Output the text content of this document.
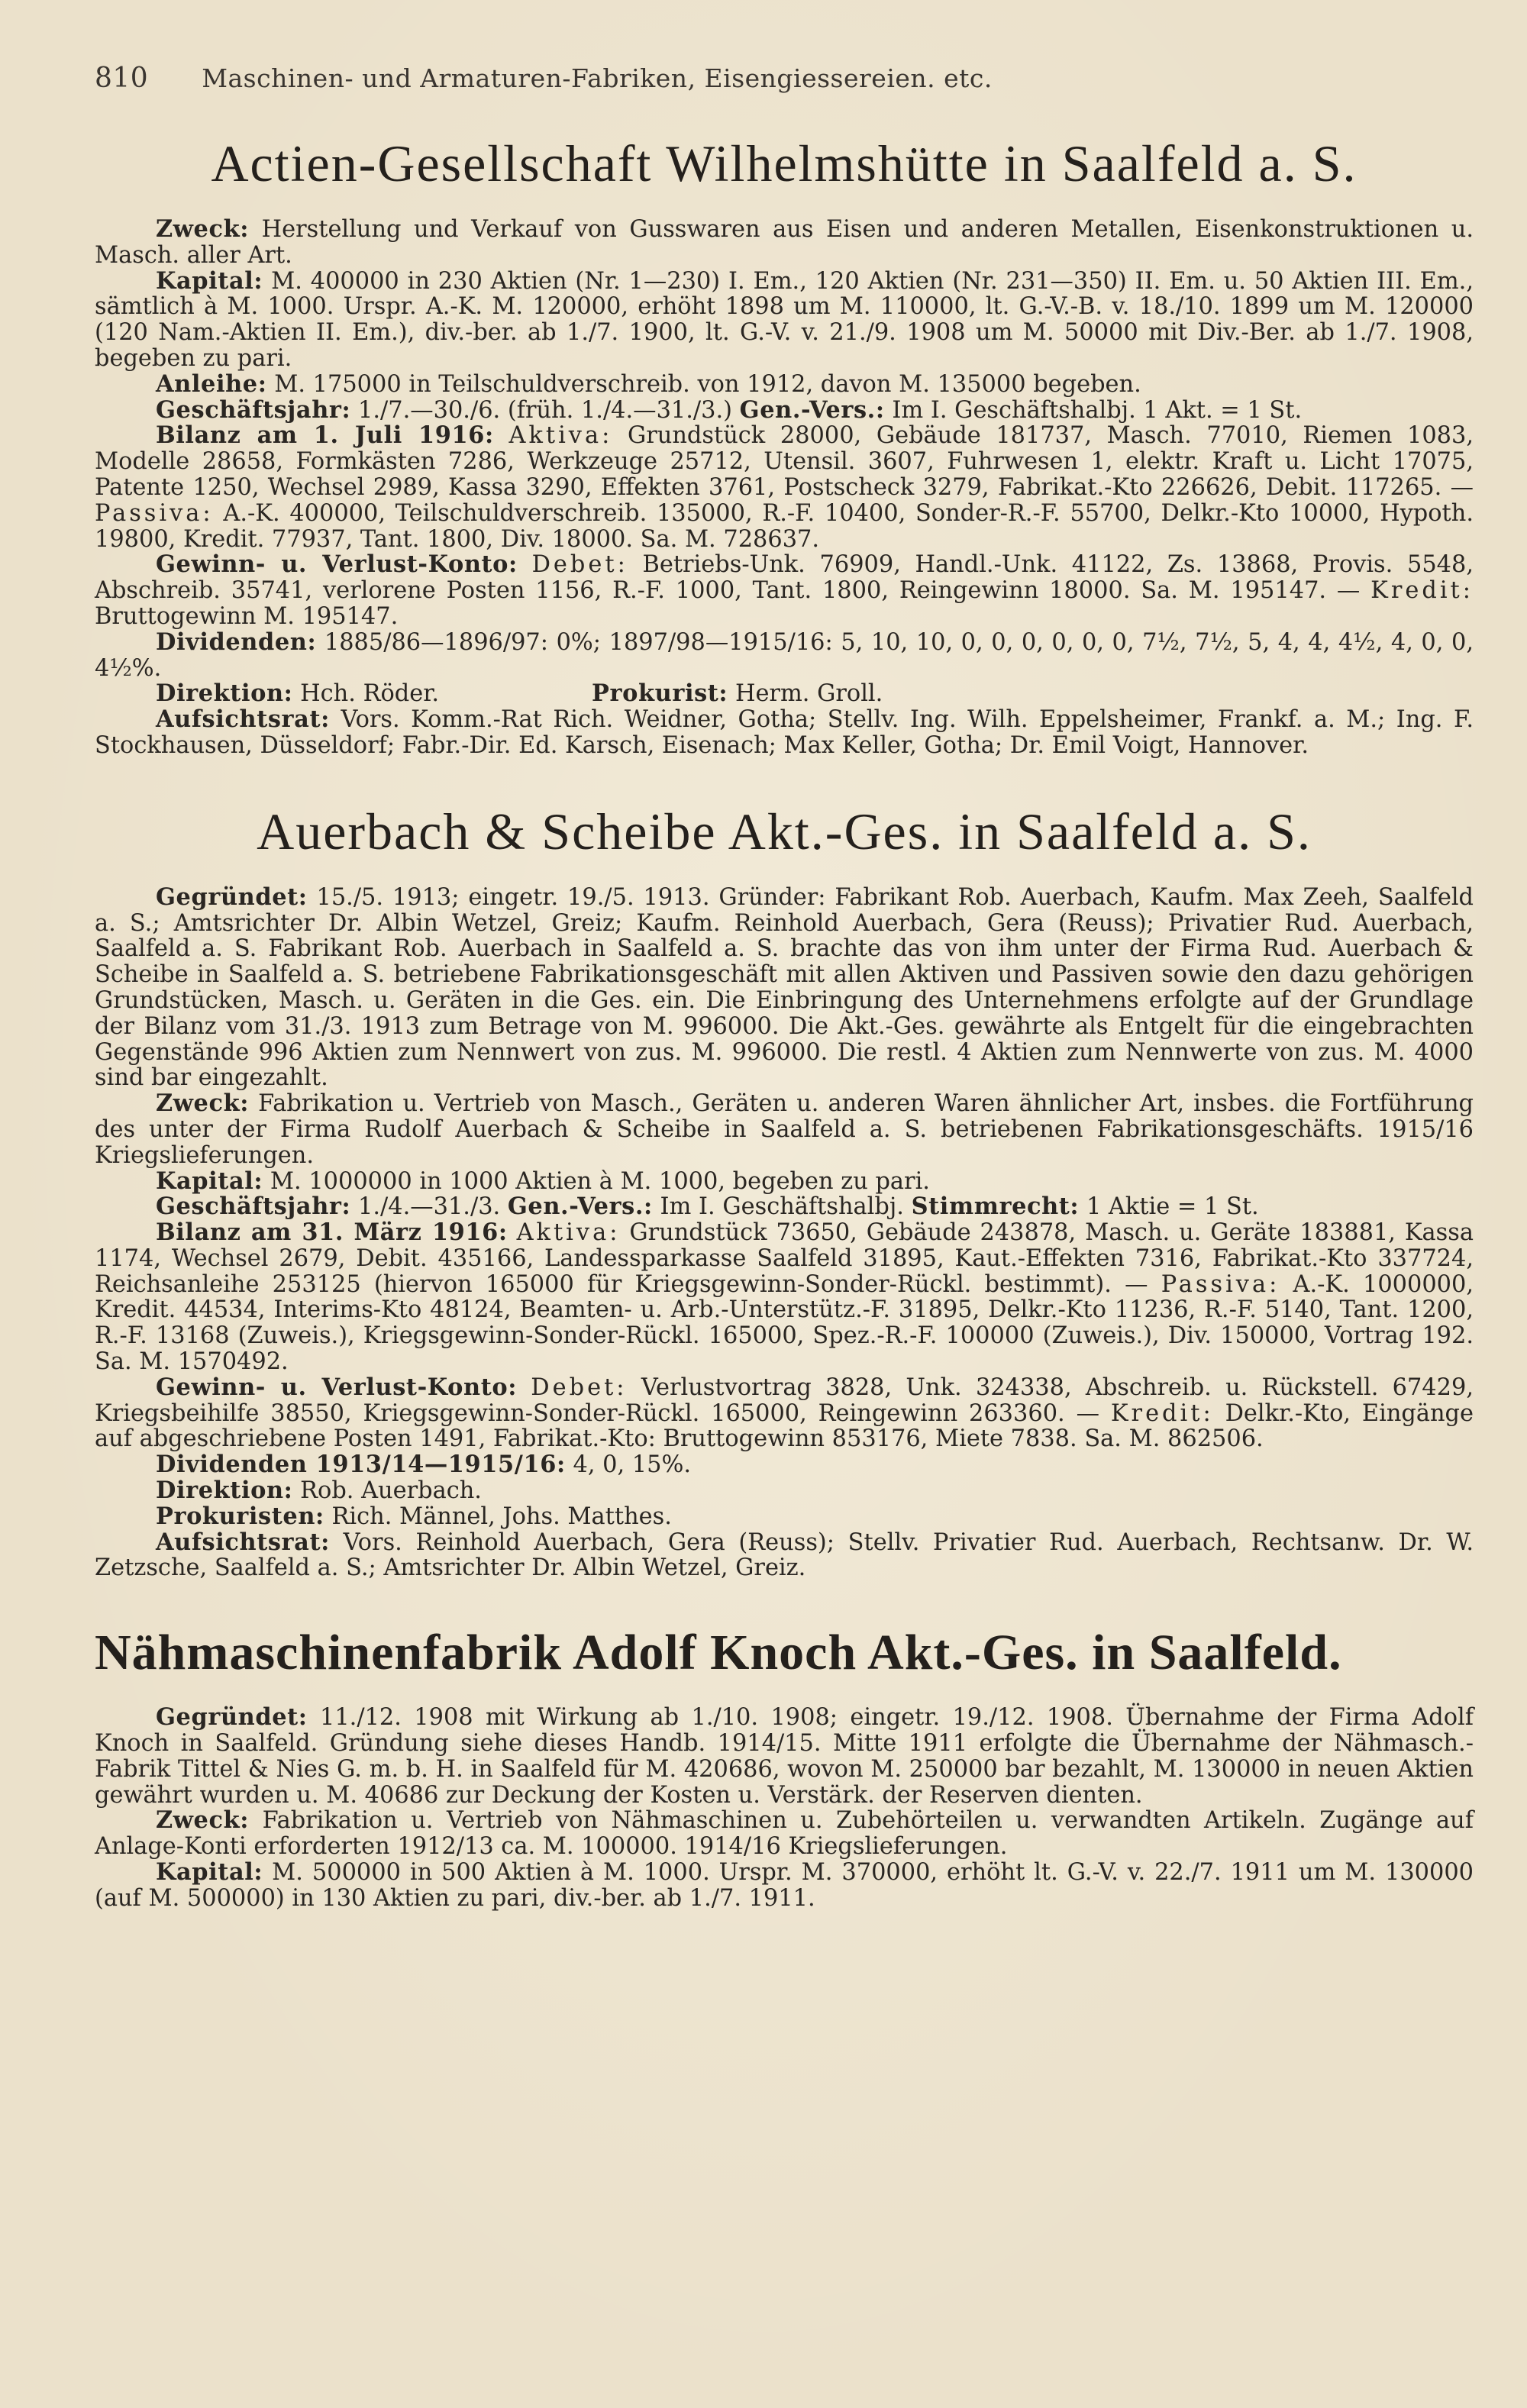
810 Maschinen- und Armaturen-Fabriken, Eisengiessereien. etc.
Actien-Gesellschaft Wilhelmshütte in Saalfeld a. S.

Zweck: Herstellung und Verkauf von Gusswaren aus Eisen und anderen Metallen, Eisenkonstruktionen u. Masch. aller Art.

Kapital: M. 400000 in 230 Aktien (Nr. 1—230) I. Em., 120 Aktien (Nr. 231—350) II. Em. u. 50 Aktien III. Em., sämtlich à M. 1000. Urspr. A.-K. M. 120000, erhöht 1898 um M. 110000, lt. G.-V.-B. v. 18./10. 1899 um M. 120000 (120 Nam.-Aktien II. Em.), div.-ber. ab 1./7. 1900, lt. G.-V. v. 21./9. 1908 um M. 50000 mit Div.-Ber. ab 1./7. 1908, begeben zu pari.

Anleihe: M. 175000 in Teilschuldverschreib. von 1912, davon M. 135000 begeben.

Geschäftsjahr: 1./7.—30./6. (früh. 1./4.—31./3.) Gen.-Vers.: Im I. Geschäftshalbj. 1 Akt. = 1 St.

Bilanz am 1. Juli 1916: Aktiva: Grundstück 28000, Gebäude 181737, Masch. 77010, Riemen 1083, Modelle 28658, Formkästen 7286, Werkzeuge 25712, Utensil. 3607, Fuhrwesen 1, elektr. Kraft u. Licht 17075, Patente 1250, Wechsel 2989, Kassa 3290, Effekten 3761, Postscheck 3279, Fabrikat.-Kto 226626, Debit. 117265. — Passiva: A.-K. 400000, Teilschuldverschreib. 135000, R.-F. 10400, Sonder-R.-F. 55700, Delkr.-Kto 10000, Hypoth. 19800, Kredit. 77937, Tant. 1800, Div. 18000. Sa. M. 728637.

Gewinn- u. Verlust-Konto: Debet: Betriebs-Unk. 76909, Handl.-Unk. 41122, Zs. 13868, Provis. 5548, Abschreib. 35741, verlorene Posten 1156, R.-F. 1000, Tant. 1800, Reingewinn 18000. Sa. M. 195147. — Kredit: Bruttogewinn M. 195147.

Dividenden: 1885/86—1896/97: 0%; 1897/98—1915/16: 5, 10, 10, 0, 0, 0, 0, 0, 0, 7½, 7½, 5, 4, 4, 4½, 4, 0, 0, 4½%.

Direktion: Hch. Röder.	Prokurist: Herm. Groll.

Aufsichtsrat: Vors. Komm.-Rat Rich. Weidner, Gotha; Stellv. Ing. Wilh. Eppelsheimer, Frankf. a. M.; Ing. F. Stockhausen, Düsseldorf; Fabr.-Dir. Ed. Karsch, Eisenach; Max Keller, Gotha; Dr. Emil Voigt, Hannover.

Auerbach & Scheibe Akt.-Ges. in Saalfeld a. S.

Gegründet: 15./5. 1913; eingetr. 19./5. 1913. Gründer: Fabrikant Rob. Auerbach, Kaufm. Max Zeeh, Saalfeld a. S.; Amtsrichter Dr. Albin Wetzel, Greiz; Kaufm. Reinhold Auerbach, Gera (Reuss); Privatier Rud. Auerbach, Saalfeld a. S. Fabrikant Rob. Auerbach in Saalfeld a. S. brachte das von ihm unter der Firma Rud. Auerbach & Scheibe in Saalfeld a. S. betriebene Fabrikationsgeschäft mit allen Aktiven und Passiven sowie den dazu gehörigen Grundstücken, Masch. u. Geräten in die Ges. ein. Die Einbringung des Unternehmens erfolgte auf der Grundlage der Bilanz vom 31./3. 1913 zum Betrage von M. 996000. Die Akt.-Ges. gewährte als Entgelt für die eingebrachten Gegenstände 996 Aktien zum Nennwert von zus. M. 996000. Die restl. 4 Aktien zum Nennwerte von zus. M. 4000 sind bar eingezahlt.

Zweck: Fabrikation u. Vertrieb von Masch., Geräten u. anderen Waren ähnlicher Art, insbes. die Fortführung des unter der Firma Rudolf Auerbach & Scheibe in Saalfeld a. S. betriebenen Fabrikationsgeschäfts. 1915/16 Kriegslieferungen.

Kapital: M. 1000000 in 1000 Aktien à M. 1000, begeben zu pari.

Geschäftsjahr: 1./4.—31./3. Gen.-Vers.: Im I. Geschäftshalbj. Stimmrecht: 1 Aktie = 1 St.

Bilanz am 31. März 1916: Aktiva: Grundstück 73650, Gebäude 243878, Masch. u. Geräte 183881, Kassa 1174, Wechsel 2679, Debit. 435166, Landessparkasse Saalfeld 31895, Kaut.-Effekten 7316, Fabrikat.-Kto 337724, Reichsanleihe 253125 (hiervon 165000 für Kriegsgewinn-Sonder-Rückl. bestimmt). — Passiva: A.-K. 1000000, Kredit. 44534, Interims-Kto 48124, Beamten- u. Arb.-Unterstütz.-F. 31895, Delkr.-Kto 11236, R.-F. 5140, Tant. 1200, R.-F. 13168 (Zuweis.), Kriegsgewinn-Sonder-Rückl. 165000, Spez.-R.-F. 100000 (Zuweis.), Div. 150000, Vortrag 192. Sa. M. 1570492.

Gewinn- u. Verlust-Konto: Debet: Verlustvortrag 3828, Unk. 324338, Abschreib. u. Rückstell. 67429, Kriegsbeihilfe 38550, Kriegsgewinn-Sonder-Rückl. 165000, Reingewinn 263360. — Kredit: Delkr.-Kto, Eingänge auf abgeschriebene Posten 1491, Fabrikat.-Kto: Bruttogewinn 853176, Miete 7838. Sa. M. 862506.

Dividenden 1913/14—1915/16: 4, 0, 15%.

Direktion: Rob. Auerbach.

Prokuristen: Rich. Männel, Johs. Matthes.

Aufsichtsrat: Vors. Reinhold Auerbach, Gera (Reuss); Stellv. Privatier Rud. Auerbach, Rechtsanw. Dr. W. Zetzsche, Saalfeld a. S.; Amtsrichter Dr. Albin Wetzel, Greiz.

Nähmaschinenfabrik Adolf Knoch Akt.-Ges. in Saalfeld.

Gegründet: 11./12. 1908 mit Wirkung ab 1./10. 1908; eingetr. 19./12. 1908. Übernahme der Firma Adolf Knoch in Saalfeld. Gründung siehe dieses Handb. 1914/15. Mitte 1911 erfolgte die Übernahme der Nähmasch.-Fabrik Tittel & Nies G. m. b. H. in Saalfeld für M. 420686, wovon M. 250000 bar bezahlt, M. 130000 in neuen Aktien gewährt wurden u. M. 40686 zur Deckung der Kosten u. Verstärk. der Reserven dienten.

Zweck: Fabrikation u. Vertrieb von Nähmaschinen u. Zubehörteilen u. verwandten Artikeln. Zugänge auf Anlage-Konti erforderten 1912/13 ca. M. 100000. 1914/16 Kriegslieferungen.

Kapital: M. 500000 in 500 Aktien à M. 1000. Urspr. M. 370000, erhöht lt. G.-V. v. 22./7. 1911 um M. 130000 (auf M. 500000) in 130 Aktien zu pari, div.-ber. ab 1./7. 1911.
